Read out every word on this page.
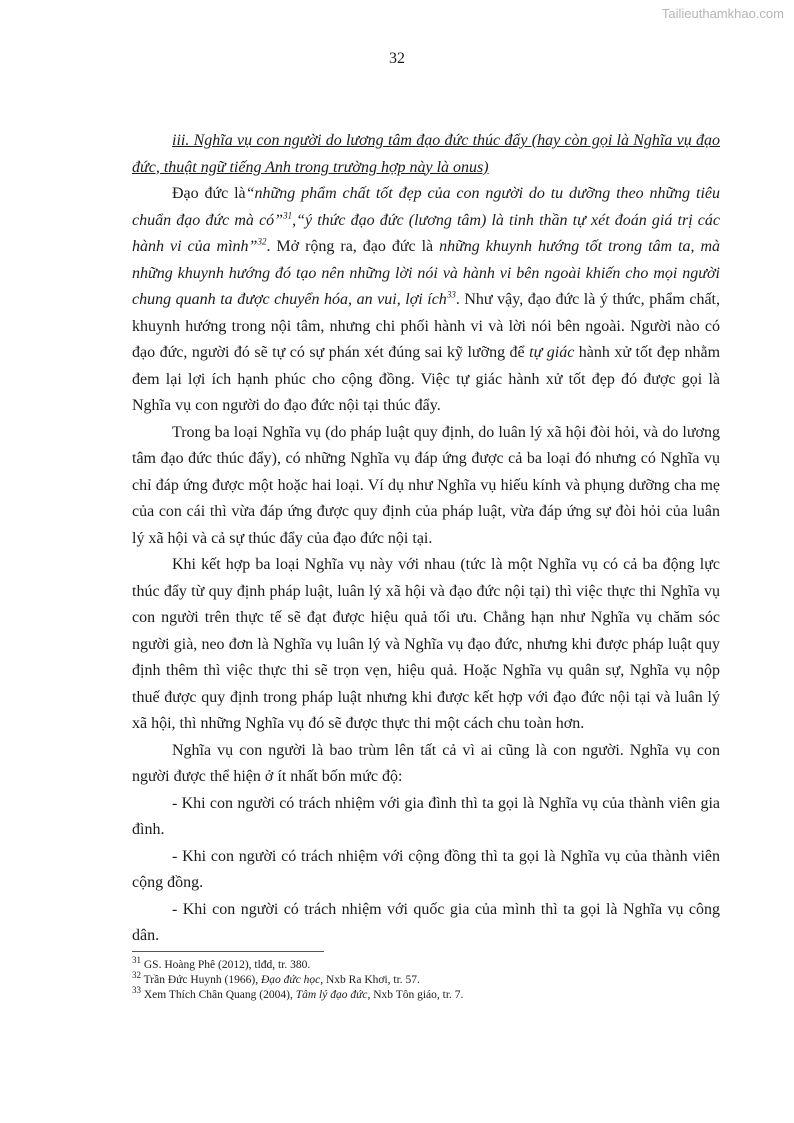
Tailieuthamkhao.com
32

iii. Nghĩa vụ con người do lương tâm đạo đức thúc đẩy (hay còn gọi là Nghĩa vụ đạo đức, thuật ngữ tiếng Anh trong trường hợp này là onus)

Đạo đức là“những phẩm chất tốt đẹp của con người do tu dưỡng theo những tiêu chuẩn đạo đức mà có”$^{31}$,“ý thức đạo đức (lương tâm) là tinh thần tự xét đoán giá trị các hành vi của mình”$^{32}$. Mở rộng ra, đạo đức là những khuynh hướng tốt trong tâm ta, mà những khuynh hướng đó tạo nên những lời nói và hành vi bên ngoài khiến cho mọi người chung quanh ta được chuyển hóa, an vui, lợi ích$^{33}$. Như vậy, đạo đức là ý thức, phẩm chất, khuynh hướng trong nội tâm, nhưng chi phối hành vi và lời nói bên ngoài. Người nào có đạo đức, người đó sẽ tự có sự phán xét đúng sai kỹ lưỡng để tự giác hành xử tốt đẹp nhằm đem lại lợi ích hạnh phúc cho cộng đồng. Việc tự giác hành xử tốt đẹp đó được gọi là Nghĩa vụ con người do đạo đức nội tại thúc đẩy.

Trong ba loại Nghĩa vụ (do pháp luật quy định, do luân lý xã hội đòi hỏi, và do lương tâm đạo đức thúc đẩy), có những Nghĩa vụ đáp ứng được cả ba loại đó nhưng có Nghĩa vụ chỉ đáp ứng được một hoặc hai loại. Ví dụ như Nghĩa vụ hiếu kính và phụng dưỡng cha mẹ của con cái thì vừa đáp ứng được quy định của pháp luật, vừa đáp ứng sự đòi hỏi của luân lý xã hội và cả sự thúc đẩy của đạo đức nội tại.

Khi kết hợp ba loại Nghĩa vụ này với nhau (tức là một Nghĩa vụ có cả ba động lực thúc đẩy từ quy định pháp luật, luân lý xã hội và đạo đức nội tại) thì việc thực thi Nghĩa vụ con người trên thực tế sẽ đạt được hiệu quả tối ưu. Chẳng hạn như Nghĩa vụ chăm sóc người già, neo đơn là Nghĩa vụ luân lý và Nghĩa vụ đạo đức, nhưng khi được pháp luật quy định thêm thì việc thực thi sẽ trọn vẹn, hiệu quả. Hoặc Nghĩa vụ quân sự, Nghĩa vụ nộp thuế được quy định trong pháp luật nhưng khi được kết hợp với đạo đức nội tại và luân lý xã hội, thì những Nghĩa vụ đó sẽ được thực thi một cách chu toàn hơn.

Nghĩa vụ con người là bao trùm lên tất cả vì ai cũng là con người. Nghĩa vụ con người được thể hiện ở ít nhất bốn mức độ:

- Khi con người có trách nhiệm với gia đình thì ta gọi là Nghĩa vụ của thành viên gia đình.

- Khi con người có trách nhiệm với cộng đồng thì ta gọi là Nghĩa vụ của thành viên cộng đồng.

- Khi con người có trách nhiệm với quốc gia của mình thì ta gọi là Nghĩa vụ công dân.

$^{31}$ GS. Hoàng Phê (2012), tlđd, tr. 380.

$^{32}$ Trần Đức Huynh (1966), Đạo đức học, Nxb Ra Khơi, tr. 57.

$^{33}$ Xem Thích Chân Quang (2004), Tâm lý đạo đức, Nxb Tôn giáo, tr. 7.
